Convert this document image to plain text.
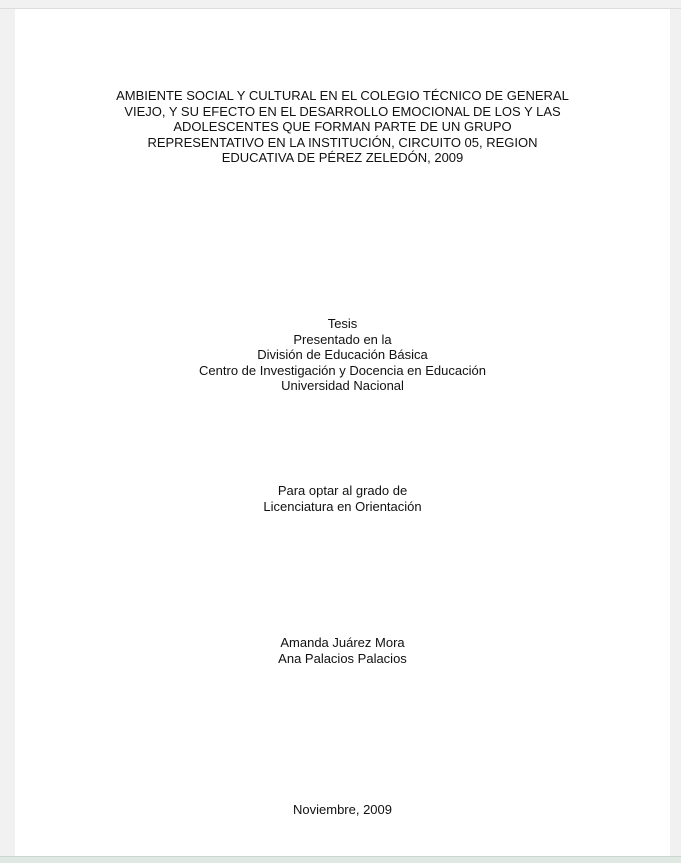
AMBIENTE SOCIAL Y CULTURAL EN EL COLEGIO TÉCNICO DE GENERAL
VIEJO, Y SU EFECTO EN EL DESARROLLO EMOCIONAL DE LOS Y LAS
ADOLESCENTES QUE FORMAN PARTE DE UN GRUPO
REPRESENTATIVO EN LA INSTITUCIÓN, CIRCUITO 05, REGION
EDUCATIVA DE PÉREZ ZELEDÓN, 2009
Tesis
Presentado en la
División de Educación Básica
Centro de Investigación y Docencia en Educación
Universidad Nacional
Para optar al grado de
Licenciatura en Orientación
Amanda Juárez Mora
Ana Palacios Palacios
Noviembre, 2009
